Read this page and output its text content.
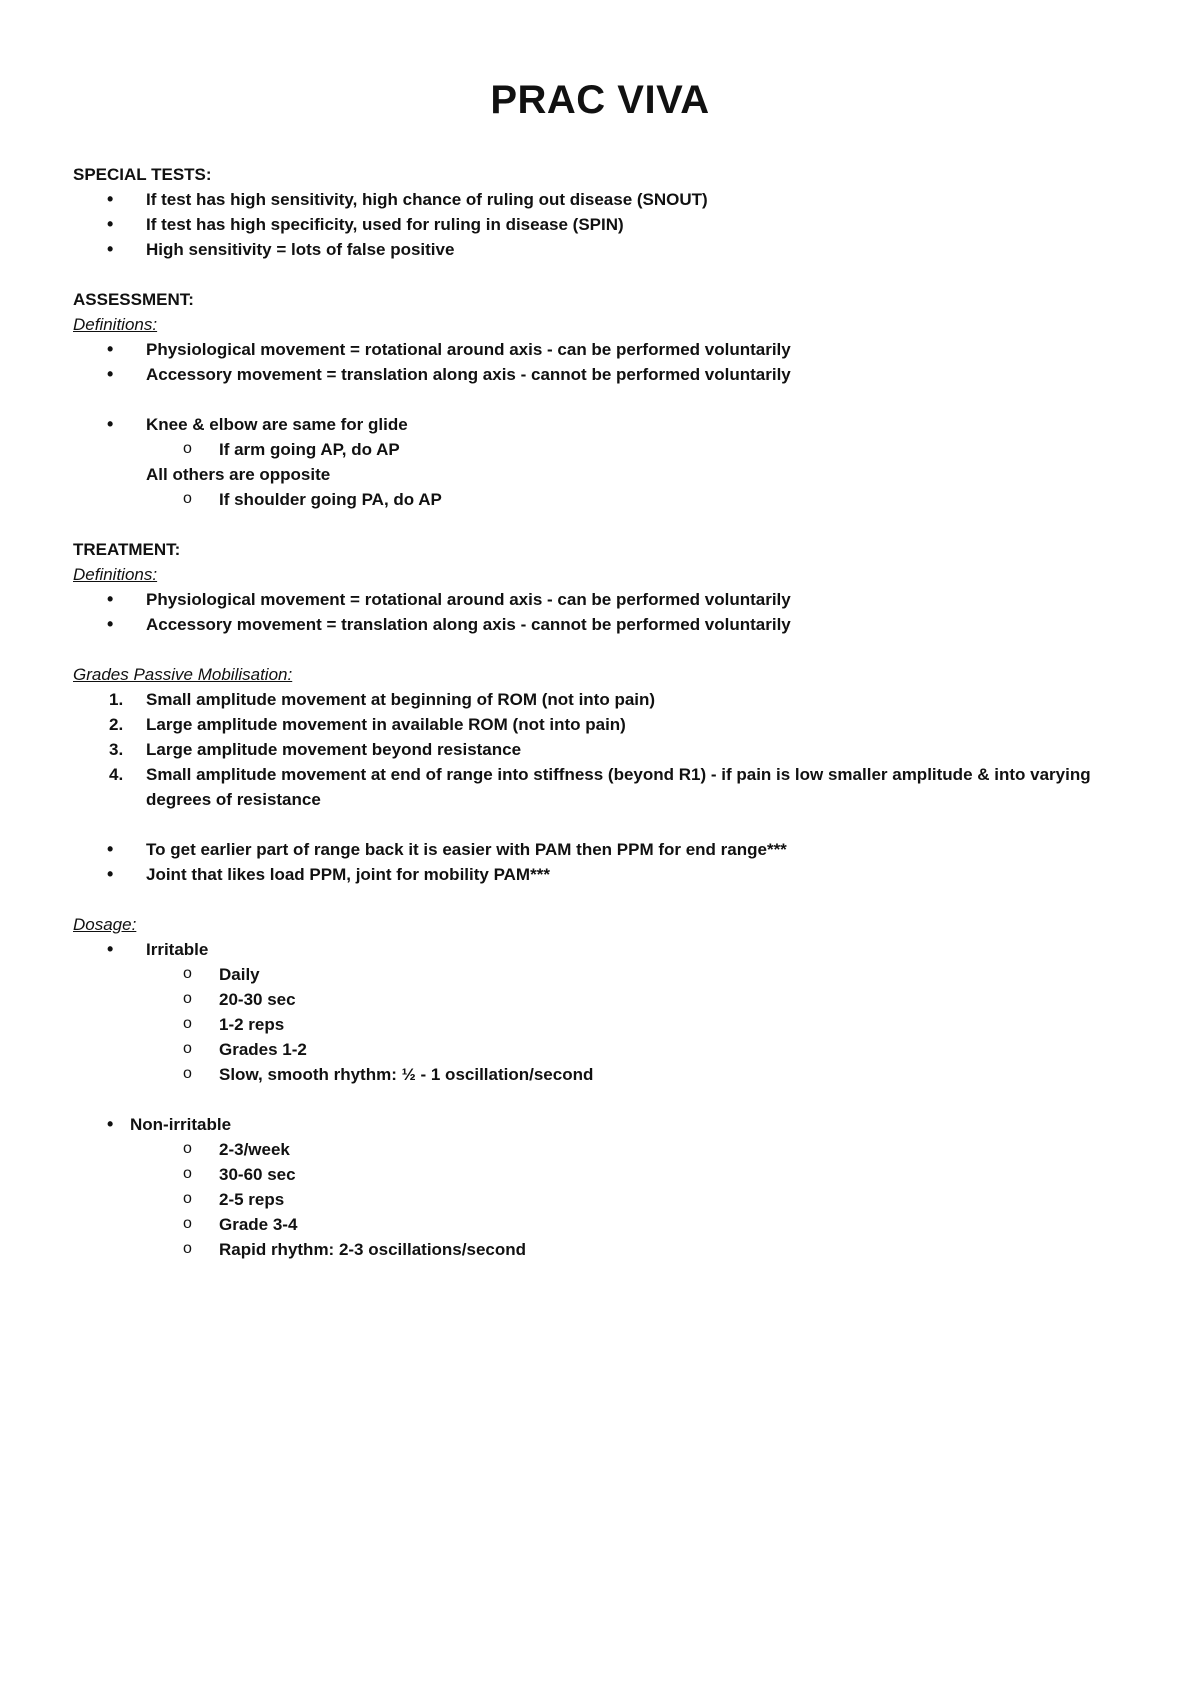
PRAC VIVA
SPECIAL TESTS:
• If test has high sensitivity, high chance of ruling out disease (SNOUT)
• If test has high specificity, used for ruling in disease (SPIN)
• High sensitivity = lots of false positive
ASSESSMENT:
Definitions:
• Physiological movement = rotational around axis - can be performed voluntarily
• Accessory movement = translation along axis - cannot be performed voluntarily
• Knee & elbow are same for glide
o If arm going AP, do AP
All others are opposite
o If shoulder going PA, do AP
TREATMENT:
Definitions:
• Physiological movement = rotational around axis - can be performed voluntarily
• Accessory movement = translation along axis - cannot be performed voluntarily
Grades Passive Mobilisation:
1. Small amplitude movement at beginning of ROM (not into pain)
2. Large amplitude movement in available ROM (not into pain)
3. Large amplitude movement beyond resistance
4. Small amplitude movement at end of range into stiffness (beyond R1) - if pain is low smaller amplitude & into varying
degrees of resistance
• To get earlier part of range back it is easier with PAM then PPM for end range***
• Joint that likes load PPM, joint for mobility PAM***
Dosage:
• Irritable
o Daily
o 20-30 sec
o 1-2 reps
o Grades 1-2
o Slow, smooth rhythm: ½ - 1 oscillation/second
• Non-irritable
o 2-3/week
o 30-60 sec
o 2-5 reps
o Grade 3-4
o Rapid rhythm: 2-3 oscillations/second
